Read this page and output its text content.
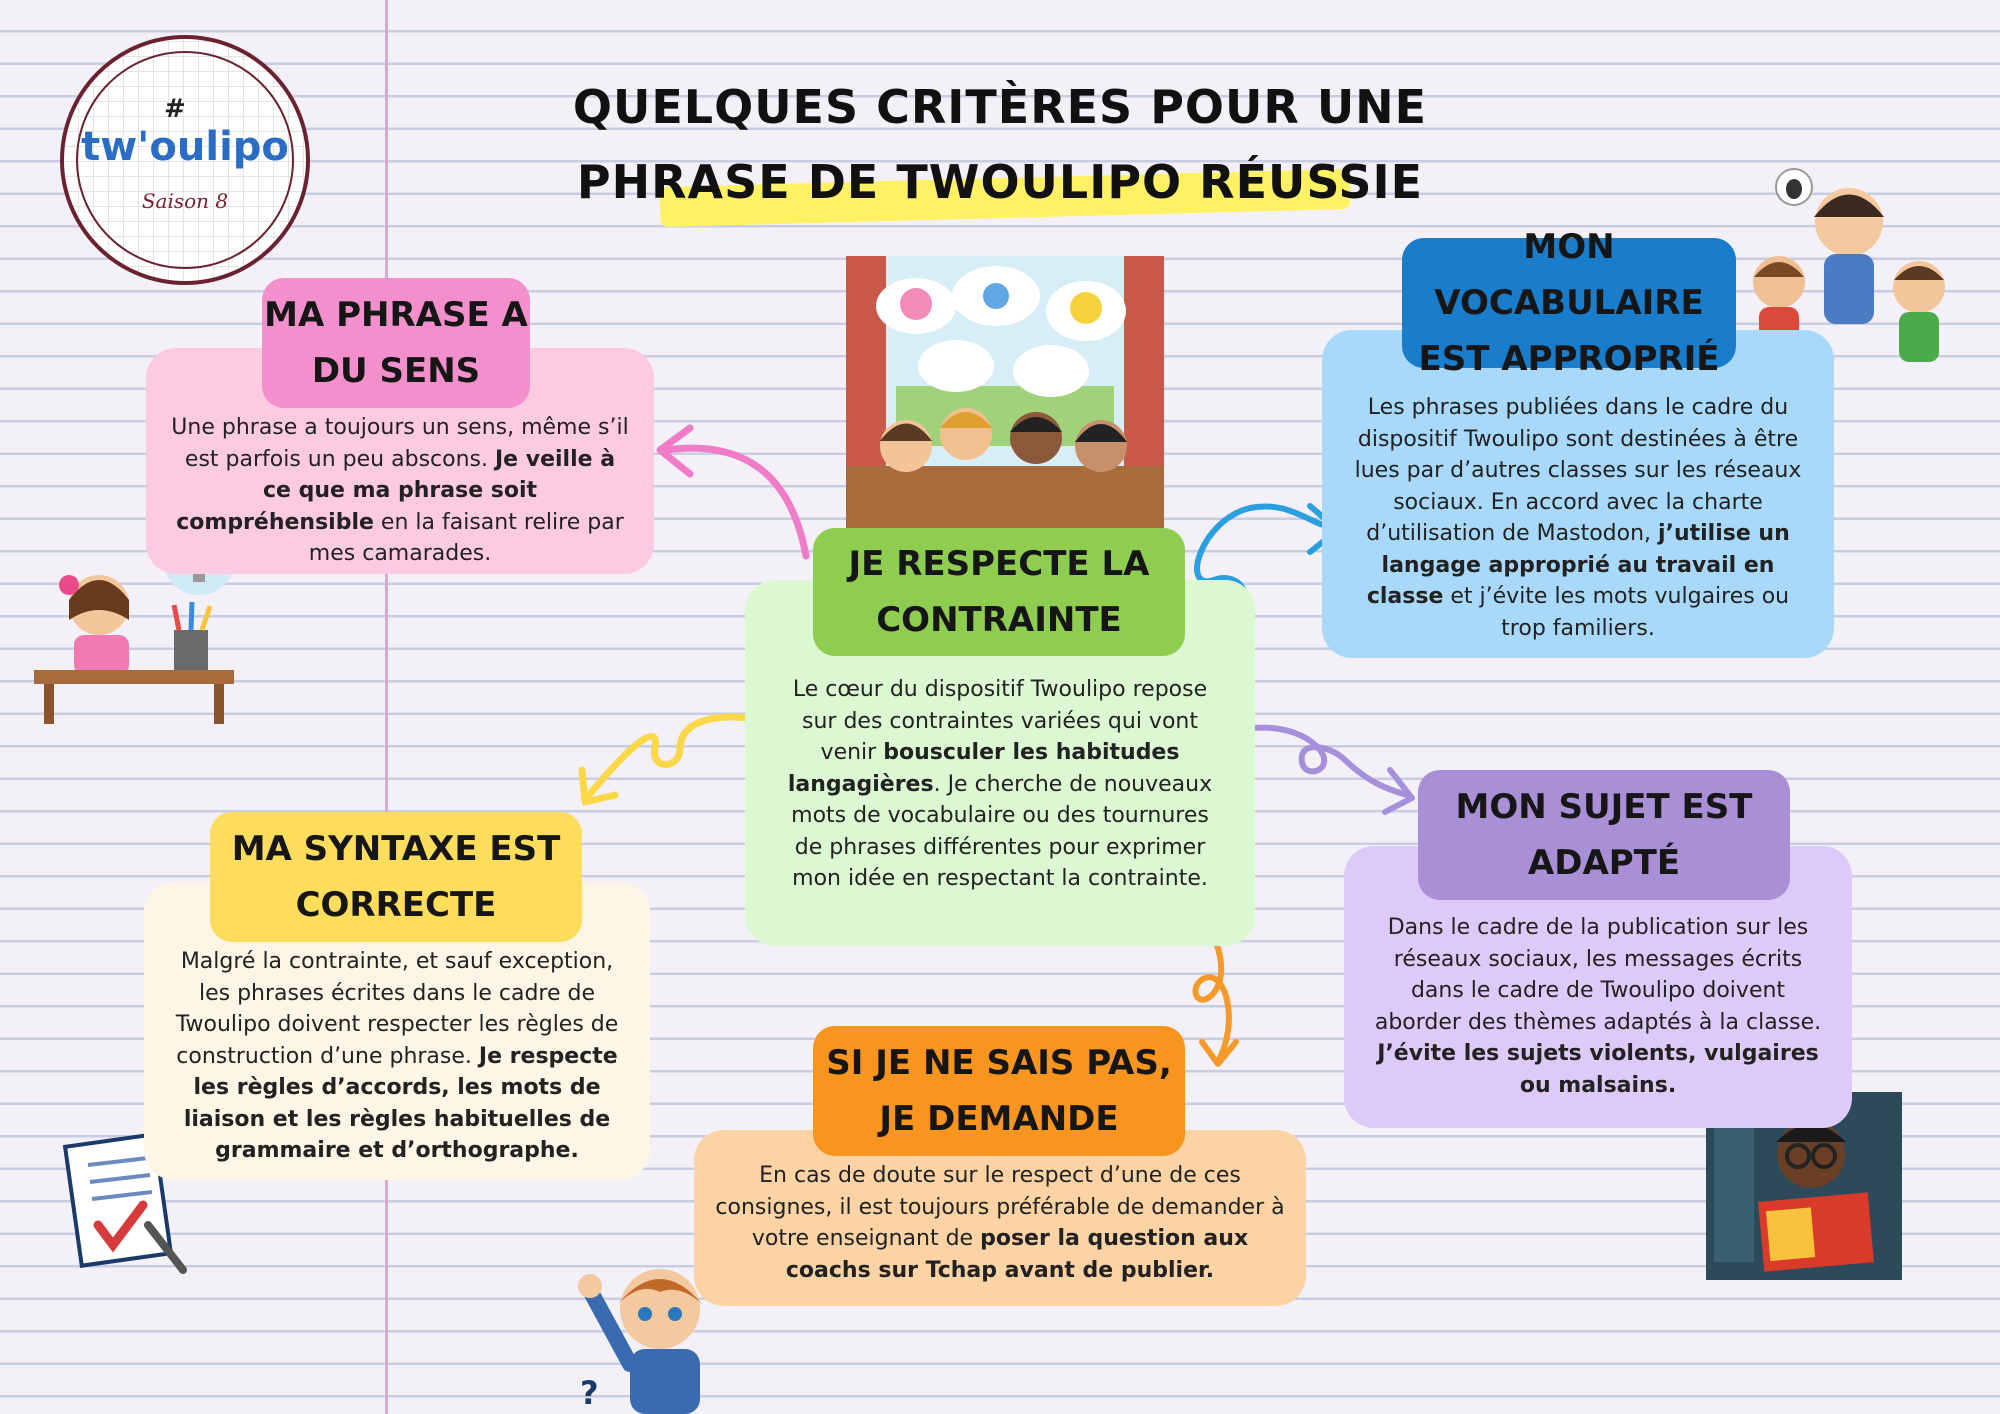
QUELQUES CRITÈRES POUR UNE
PHRASE DE TWOULIPO RÉUSSIE
#
tw'oulipo
Saison 8
?

Une phrase a toujours un sens, même s’il est parfois un peu abscons. Je veille à ce que ma phrase soit compréhensible en la faisant relire par mes camarades.

MA PHRASE A
DU SENS

Les phrases publiées dans le cadre du dispositif Twoulipo sont destinées à être lues par d’autres classes sur les réseaux sociaux. En accord avec la charte d’utilisation de Mastodon, j’utilise un langage approprié au travail en classe et j’évite les mots vulgaires ou trop familiers.

MON VOCABULAIRE
EST APPROPRIÉ

Le cœur du dispositif Twoulipo repose sur des contraintes variées qui vont venir bousculer les habitudes langagières. Je cherche de nouveaux mots de vocabulaire ou des tournures de phrases différentes pour exprimer mon idée en respectant la contrainte.

JE RESPECTE LA
CONTRAINTE

Malgré la contrainte, et sauf exception, les phrases écrites dans le cadre de Twoulipo doivent respecter les règles de construction d’une phrase. Je respecte les règles d’accords, les mots de liaison et les règles habituelles de grammaire et d’orthographe.

MA SYNTAXE EST
CORRECTE

Dans le cadre de la publication sur les réseaux sociaux, les messages écrits dans le cadre de Twoulipo doivent aborder des thèmes adaptés à la classe. J’évite les sujets violents, vulgaires ou malsains.

MON SUJET EST
ADAPTÉ

En cas de doute sur le respect d’une de ces consignes, il est toujours préférable de demander à votre enseignant de poser la question aux coachs sur Tchap avant de publier.

SI JE NE SAIS PAS,
JE DEMANDE
